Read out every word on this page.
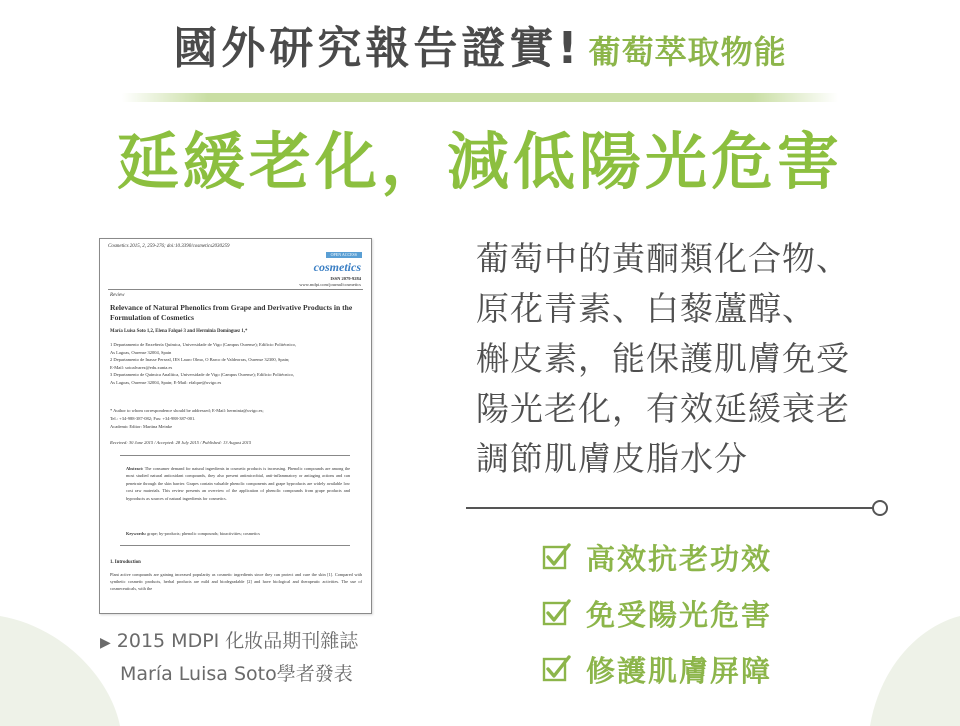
國外研究報告證實! 葡萄萃取物能
延緩老化，減低陽光危害
Cosmetics 2015, 2, 259-276; doi:10.3390/cosmetics2030259
OPEN ACCESS
cosmetics
ISSN 2079-9284
www.mdpi.com/journal/cosmetics
Review
Relevance of Natural Phenolics from Grape and Derivative Products in the Formulation of Cosmetics
María Luisa Soto 1,2, Elena Falqué 3 and Herminia Domínguez 1,*
1 Departamento de Enxeñería Química, Universidade de Vigo (Campus Ourense); Edificio Politécnico,
As Lagoas, Ourense 32004, Spain
2 Departamento de Inasse Perseal, IES Lauro Olmo, O Barco de Valdeorras, Ourense 32300, Spain;
E-Mail: sotoalvarez@edu.xunta.es
3 Departamento de Química Analítica, Universidade de Vigo (Campus Ourense); Edificio Politécnico,
As Lagoas, Ourense 32004, Spain; E-Mail: efalque@uvigo.es
* Author to whom correspondence should be addressed; E-Mail: herminia@uvigo.es;
Tel.: +34-988-387-082; Fax: +34-988-387-001.
Academic Editor: Martina Meinke
Received: 30 June 2015 / Accepted: 28 July 2015 / Published: 13 August 2015
Abstract: The consumer demand for natural ingredients in cosmetic products is increasing. Phenolic compounds are among the most studied natural antioxidant compounds, they also present antimicrobial, anti-inflammatory or antiaging actions and can penetrate through the skin barrier. Grapes contain valuable phenolic components and grape byproducts are widely available low cost raw materials. This review presents an overview of the application of phenolic compounds from grape products and byproducts as sources of natural ingredients for cosmetics.
Keywords: grape; by-products; phenolic compounds; bioactivities; cosmetics
1. Introduction
Plant active compounds are gaining increased popularity as cosmetic ingredients since they can protect and cure the skin [1]. Compared with synthetic cosmetic products, herbal products are mild and biodegradable [2] and have biological and therapeutic activities. The use of cosmeceuticals, with the
▶ 2015 MDPI 化妝品期刊雜誌
María Luisa Soto學者發表
葡萄中的黃酮類化合物、
原花青素、白藜蘆醇、
槲皮素，能保護肌膚免受
陽光老化，有效延緩衰老
調節肌膚皮脂水分
高效抗老功效
免受陽光危害
修護肌膚屏障
